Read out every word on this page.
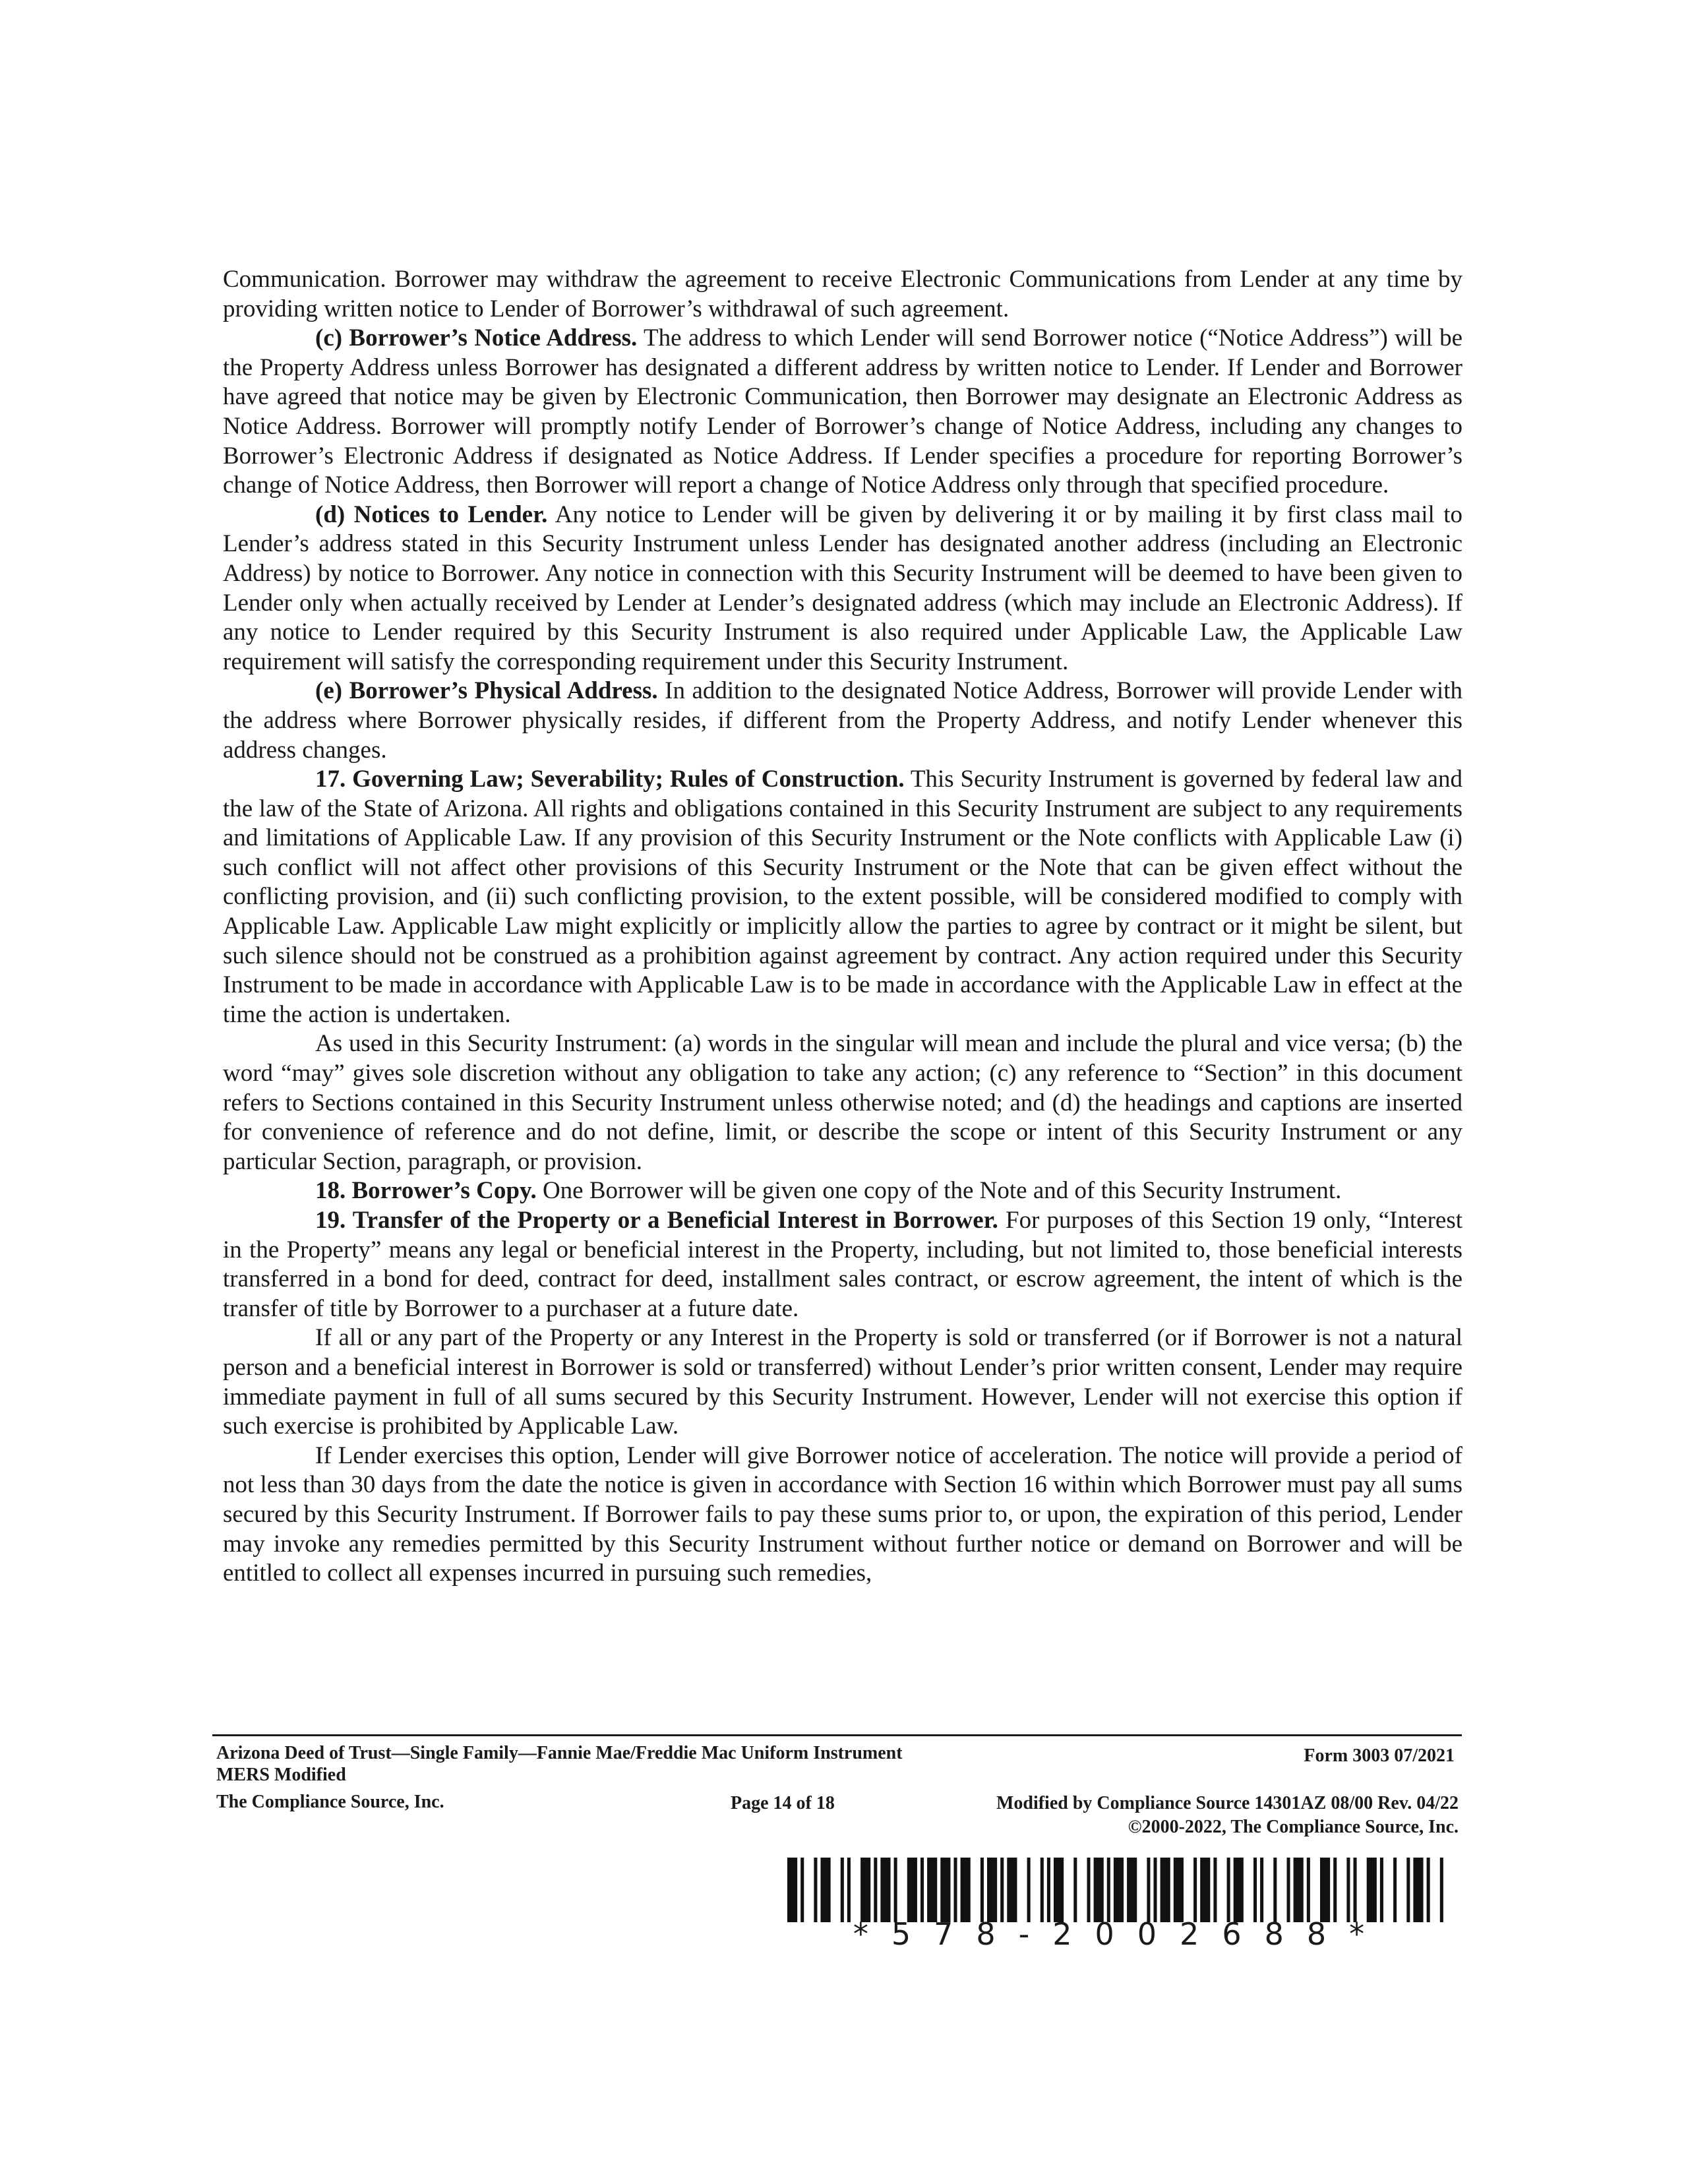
Communication. Borrower may withdraw the agreement to receive Electronic Communications from Lender at any time by providing written notice to Lender of Borrower’s withdrawal of such agreement.

(c) Borrower’s Notice Address. The address to which Lender will send Borrower notice (“Notice Address”) will be the Property Address unless Borrower has designated a different address by written notice to Lender. If Lender and Borrower have agreed that notice may be given by Electronic Communication, then Borrower may designate an Electronic Address as Notice Address. Borrower will promptly notify Lender of Borrower’s change of Notice Address, including any changes to Borrower’s Electronic Address if designated as Notice Address. If Lender specifies a procedure for reporting Borrower’s change of Notice Address, then Borrower will report a change of Notice Address only through that specified procedure.

(d) Notices to Lender. Any notice to Lender will be given by delivering it or by mailing it by first class mail to Lender’s address stated in this Security Instrument unless Lender has designated another address (including an Electronic Address) by notice to Borrower. Any notice in connection with this Security Instrument will be deemed to have been given to Lender only when actually received by Lender at Lender’s designated address (which may include an Electronic Address). If any notice to Lender required by this Security Instrument is also required under Applicable Law, the Applicable Law requirement will satisfy the corresponding requirement under this Security Instrument.

(e) Borrower’s Physical Address. In addition to the designated Notice Address, Borrower will provide Lender with the address where Borrower physically resides, if different from the Property Address, and notify Lender whenever this address changes.

17. Governing Law; Severability; Rules of Construction. This Security Instrument is governed by federal law and the law of the State of Arizona. All rights and obligations contained in this Security Instrument are subject to any requirements and limitations of Applicable Law. If any provision of this Security Instrument or the Note conflicts with Applicable Law (i) such conflict will not affect other provisions of this Security Instrument or the Note that can be given effect without the conflicting provision, and (ii) such conflicting provision, to the extent possible, will be considered modified to comply with Applicable Law. Applicable Law might explicitly or implicitly allow the parties to agree by contract or it might be silent, but such silence should not be construed as a prohibition against agreement by contract. Any action required under this Security Instrument to be made in accordance with Applicable Law is to be made in accordance with the Applicable Law in effect at the time the action is undertaken.

As used in this Security Instrument: (a) words in the singular will mean and include the plural and vice versa; (b) the word “may” gives sole discretion without any obligation to take any action; (c) any reference to “Section” in this document refers to Sections contained in this Security Instrument unless otherwise noted; and (d) the headings and captions are inserted for convenience of reference and do not define, limit, or describe the scope or intent of this Security Instrument or any particular Section, paragraph, or provision.

18. Borrower’s Copy. One Borrower will be given one copy of the Note and of this Security Instrument.

19. Transfer of the Property or a Beneficial Interest in Borrower. For purposes of this Section 19 only, “Interest in the Property” means any legal or beneficial interest in the Property, including, but not limited to, those beneficial interests transferred in a bond for deed, contract for deed, installment sales contract, or escrow agreement, the intent of which is the transfer of title by Borrower to a purchaser at a future date.

If all or any part of the Property or any Interest in the Property is sold or transferred (or if Borrower is not a natural person and a beneficial interest in Borrower is sold or transferred) without Lender’s prior written consent, Lender may require immediate payment in full of all sums secured by this Security Instrument. However, Lender will not exercise this option if such exercise is prohibited by Applicable Law.

If Lender exercises this option, Lender will give Borrower notice of acceleration. The notice will provide a period of not less than 30 days from the date the notice is given in accordance with Section 16 within which Borrower must pay all sums secured by this Security Instrument. If Borrower fails to pay these sums prior to, or upon, the expiration of this period, Lender may invoke any remedies permitted by this Security Instrument without further notice or demand on Borrower and will be entitled to collect all expenses incurred in pursuing such remedies,

Arizona Deed of Trust—Single Family—Fannie Mae/Freddie Mac Uniform Instrument	Form 3003 07/2021
MERS Modified
The Compliance Source, Inc.	Page 14 of 18	Modified by Compliance Source 14301AZ 08/00 Rev. 04/22
©2000-2022, The Compliance Source, Inc.
*578-2002688*
